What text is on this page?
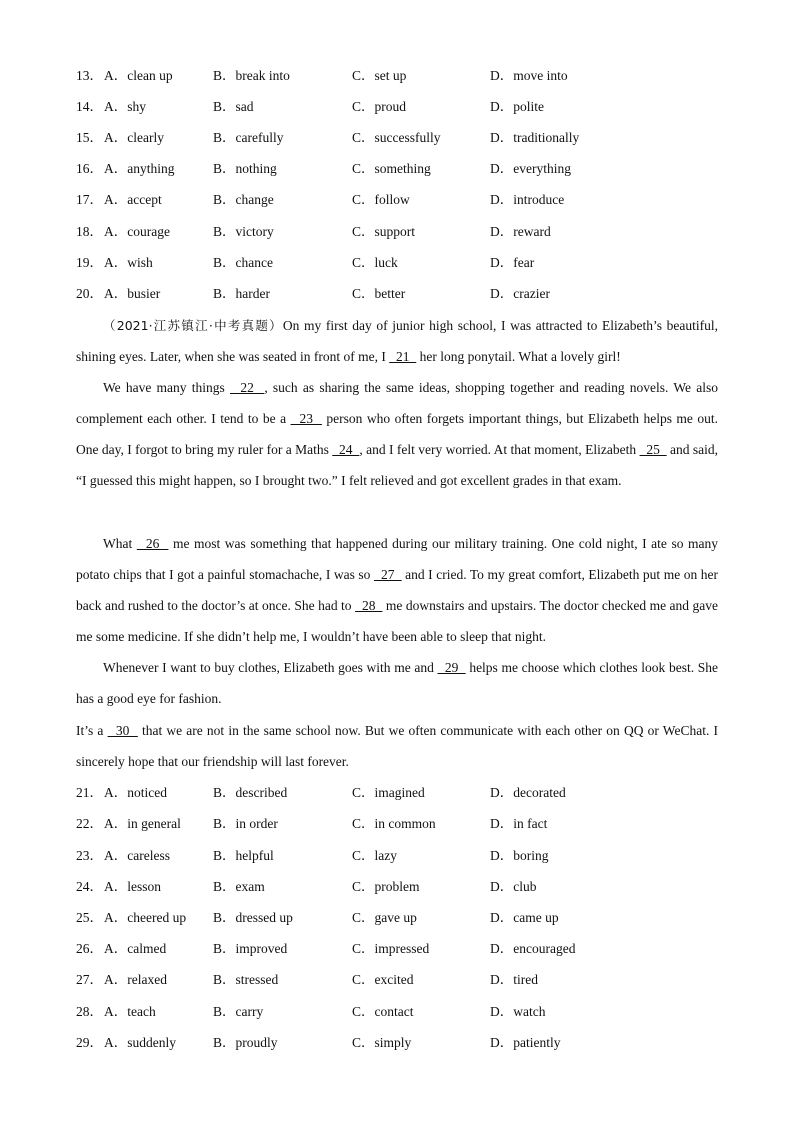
13． A．clean up	B．break into	C．set up	D．move into
14． A．shy	B．sad	C．proud	D．polite
15． A．clearly	B．carefully	C．successfully	D．traditionally
16． A．anything	B．nothing	C．something	D．everything
17． A．accept	B．change	C．follow	D．introduce
18． A．courage	B．victory	C．support	D．reward
19． A．wish	B．chance	C．luck	D．fear
20． A．busier	B．harder	C．better	D．crazier
（2021·江苏镇江·中考真题）On my first day of junior high school, I was attracted to Elizabeth’s beautiful, shining eyes. Later, when she was seated in front of me, I   21   her long ponytail. What a lovely girl!
We have many things   22  , such as sharing the same ideas, shopping together and reading novels. We also complement each other. I tend to be a   23   person who often forgets important things, but Elizabeth helps me out. One day, I forgot to bring my ruler for a Maths   24  , and I felt very worried. At that moment, Elizabeth   25   and said, “I guessed this might happen, so I brought two.” I felt relieved and got excellent grades in that exam.
What   26   me most was something that happened during our military training. One cold night, I ate so many potato chips that I got a painful stomachache, I was so   27   and I cried. To my great comfort, Elizabeth put me on her back and rushed to the doctor’s at once. She had to   28   me downstairs and upstairs. The doctor checked me and gave me some medicine. If she didn’t help me, I wouldn’t have been able to sleep that night.
Whenever I want to buy clothes, Elizabeth goes with me and   29   helps me choose which clothes look best. She has a good eye for fashion.
It’s a   30   that we are not in the same school now. But we often communicate with each other on QQ or WeChat. I sincerely hope that our friendship will last forever.
21． A．noticed	B．described	C．imagined	D．decorated
22． A．in general B．in order	C．in common	D．in fact
23． A．careless	B．helpful	C．lazy	D．boring
24． A．lesson	B．exam	C．problem	D．club
25． A．cheered up B．dressed up	C．gave up	D．came up
26． A．calmed	B．improved	C．impressed	D．encouraged
27． A．relaxed	B．stressed	C．excited	D．tired
28． A．teach	B．carry	C．contact	D．watch
29． A．suddenly	B．proudly	C．simply	D．patiently
